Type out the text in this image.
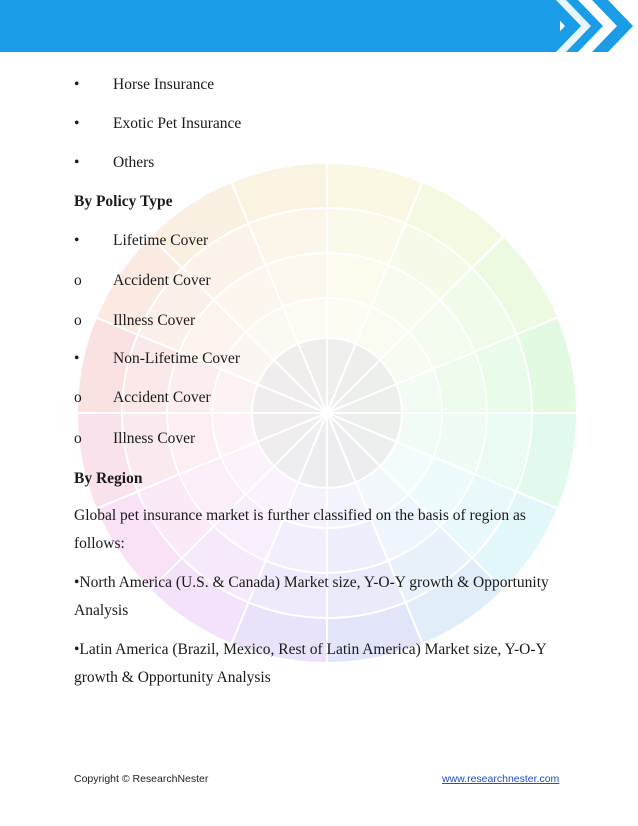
•	Horse Insurance
•	Exotic Pet Insurance
•	Others
By Policy Type
•	Lifetime Cover
o	Accident Cover
o	Illness Cover
•	Non-Lifetime Cover
o	Accident Cover
o	Illness Cover
By Region
Global pet insurance market is further classified on the basis of region as follows:
•North America (U.S. & Canada) Market size, Y-O-Y growth & Opportunity Analysis
•Latin America (Brazil, Mexico, Rest of Latin America) Market size, Y-O-Y growth & Opportunity Analysis
Copyright © ResearchNester	www.researchnester.com
